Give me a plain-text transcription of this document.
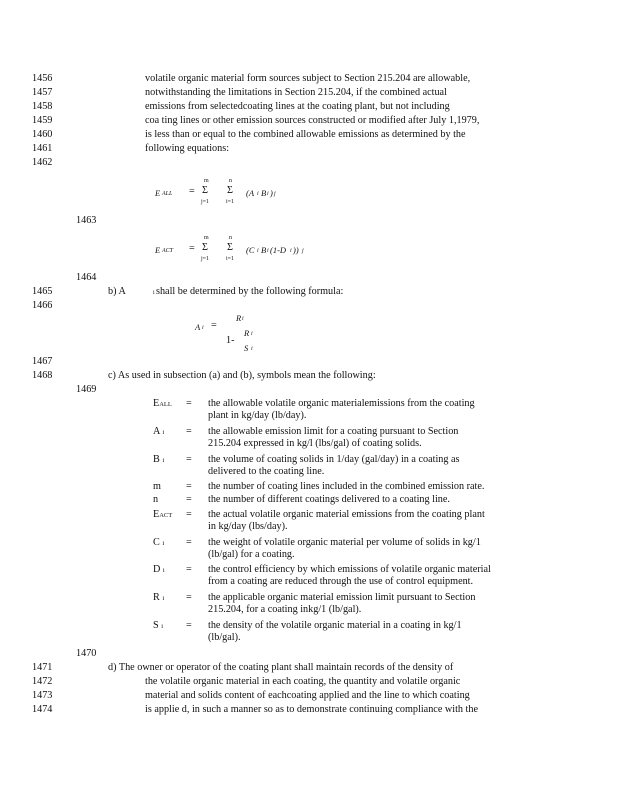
1456
1457
1458
1459
1460
1461
1462
1463
1464
1465
1466
1467
1468
1469
1470
1471
1472
1473
1474
volatile organic material form sources subject to Section 215.204 are allowable,
notwithstanding the limitations in Section 215.204, if the combined actual
emissions from selectedcoating lines at the coating plant, but not including
coa ting lines or other emission sources constructed or modified after July 1,1979,
is less than or equal to the combined allowable emissions as determined by the
following equations:
E ALL =
m
Σ
j=1
n
Σ
i=1
(A i B i ) j
E ACT =
m
Σ
j=1
n
Σ
i=1
(C i B i (1-D i )) j
b) A	i shall be determined by the following formula:
A i =
R i
1-
R i
S i
c) As used in subsection (a) and (b), symbols mean the following:
EALL = the allowable volatile organic materialemissions from the coating
plant in kg/day (lb/day).
A i = the allowable emission limit for a coating pursuant to Section
215.204 expressed in kg/l (lbs/gal) of coating solids.
B i = the volume of coating solids in 1/day (gal/day) in a coating as
delivered to the coating line.
m = the number of coating lines included in the combined emission rate.
n	= the number of different coatings delivered to a coating line.
EACT = the actual volatile organic material emissions from the coating plant
in kg/day (lbs/day).
C i = the weight of volatile organic material per volume of solids in kg/1
(lb/gal) for a coating.
D i = the control efficiency by which emissions of volatile organic material
from a coating are reduced through the use of control equipment.
R i = the applicable organic material emission limit pursuant to Section
215.204, for a coating inkg/1 (lb/gal).
S i = the density of the volatile organic material in a coating in kg/1
(lb/gal).
d) The owner or operator of the coating plant shall maintain records of the density of
the volatile organic material in each coating, the quantity and volatile organic
material and solids content of eachcoating applied and the line to which coating
is applie d, in such a manner so as to demonstrate continuing compliance with the
